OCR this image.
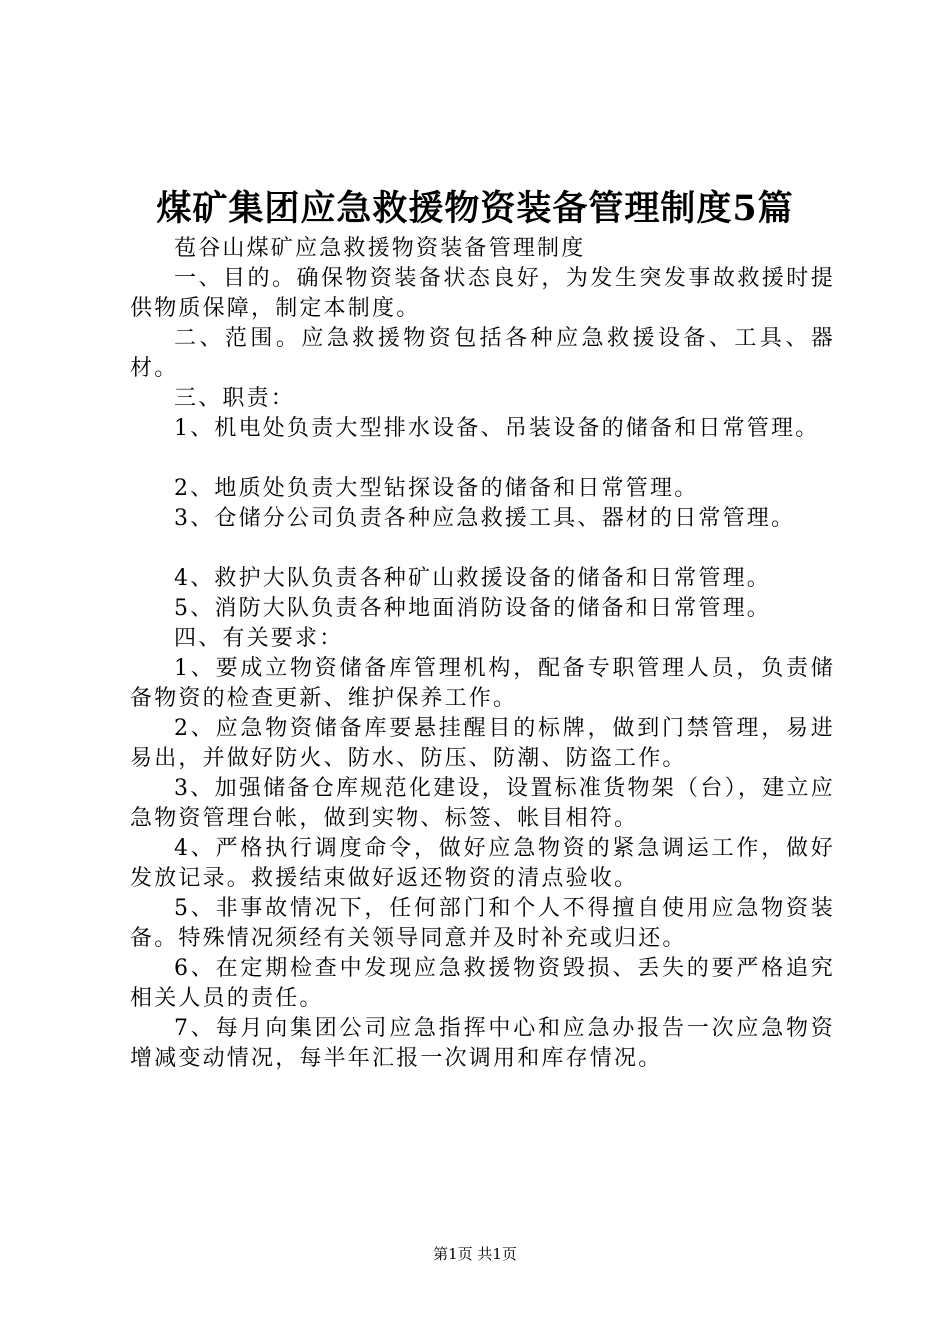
煤矿集团应急救援物资装备管理制度5篇

苞谷山煤矿应急救援物资装备管理制度

一、目的。确保物资装备状态良好，为发生突发事故救援时提供物质保障，制定本制度。

二、范围。应急救援物资包括各种应急救援设备、工具、器材。

三、职责：

1、机电处负责大型排水设备、吊装设备的储备和日常管理。

2、地质处负责大型钻探设备的储备和日常管理。

3、仓储分公司负责各种应急救援工具、器材的日常管理。

4、救护大队负责各种矿山救援设备的储备和日常管理。

5、消防大队负责各种地面消防设备的储备和日常管理。

四、有关要求：

1、要成立物资储备库管理机构，配备专职管理人员，负责储备物资的检查更新、维护保养工作。

2、应急物资储备库要悬挂醒目的标牌，做到门禁管理，易进易出，并做好防火、防水、防压、防潮、防盗工作。

3、加强储备仓库规范化建设，设置标准货物架（台），建立应急物资管理台帐，做到实物、标签、帐目相符。

4、严格执行调度命令，做好应急物资的紧急调运工作，做好发放记录。救援结束做好返还物资的清点验收。

5、非事故情况下，任何部门和个人不得擅自使用应急物资装备。特殊情况须经有关领导同意并及时补充或归还。

6、在定期检查中发现应急救援物资毁损、丢失的要严格追究相关人员的责任。

7、每月向集团公司应急指挥中心和应急办报告一次应急物资增减变动情况，每半年汇报一次调用和库存情况。

第1页 共1页
